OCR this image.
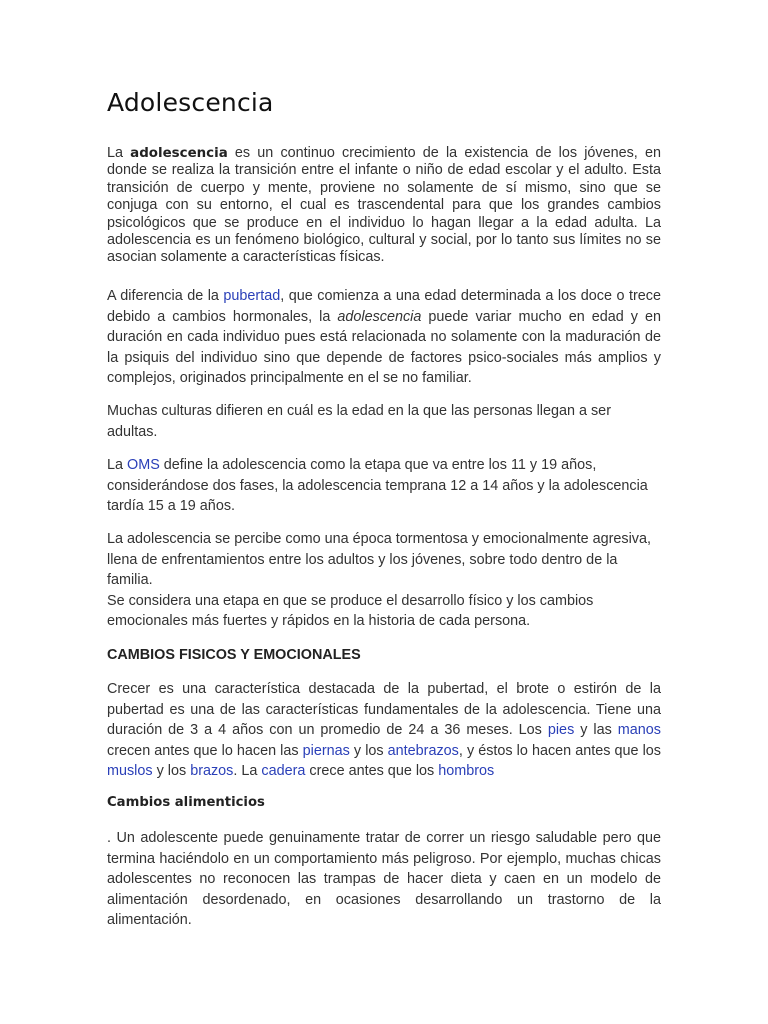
Adolescencia

La adolescencia es un continuo crecimiento de la existencia de los jóvenes, en donde se realiza la transición entre el infante o niño de edad escolar y el adulto. Esta transición de cuerpo y mente, proviene no solamente de sí mismo, sino que se conjuga con su entorno, el cual es trascendental para que los grandes cambios psicológicos que se produce en el individuo lo hagan llegar a la edad adulta. La adolescencia es un fenómeno biológico, cultural y social, por lo tanto sus límites no se asocian solamente a características físicas.

A diferencia de la pubertad, que comienza a una edad determinada a los doce o trece debido a cambios hormonales, la adolescencia puede variar mucho en edad y en duración en cada individuo pues está relacionada no solamente con la maduración de la psiquis del individuo sino que depende de factores psico-sociales más amplios y complejos, originados principalmente en el se no familiar.

Muchas culturas difieren en cuál es la edad en la que las personas llegan a ser adultas.

La OMS define la adolescencia como la etapa que va entre los 11 y 19 años, considerándose dos fases, la adolescencia temprana 12 a 14 años y la adolescencia tardía 15 a 19 años.

La adolescencia se percibe como una época tormentosa y emocionalmente agresiva, llena de enfrentamientos entre los adultos y los jóvenes, sobre todo dentro de la familia.
Se considera una etapa en que se produce el desarrollo físico y los cambios emocionales más fuertes y rápidos en la historia de cada persona.
CAMBIOS FISICOS Y EMOCIONALES

Crecer es una característica destacada de la pubertad, el brote o estirón de la pubertad es una de las características fundamentales de la adolescencia. Tiene una duración de 3 a 4 años con un promedio de 24 a 36 meses. Los pies y las manos crecen antes que lo hacen las piernas y los antebrazos, y éstos lo hacen antes que los muslos y los brazos. La cadera crece antes que los hombros

Cambios alimenticios

. Un adolescente puede genuinamente tratar de correr un riesgo saludable pero que termina haciéndolo en un comportamiento más peligroso. Por ejemplo, muchas chicas adolescentes no reconocen las trampas de hacer dieta y caen en un modelo de alimentación desordenado, en ocasiones desarrollando un trastorno de la alimentación.
